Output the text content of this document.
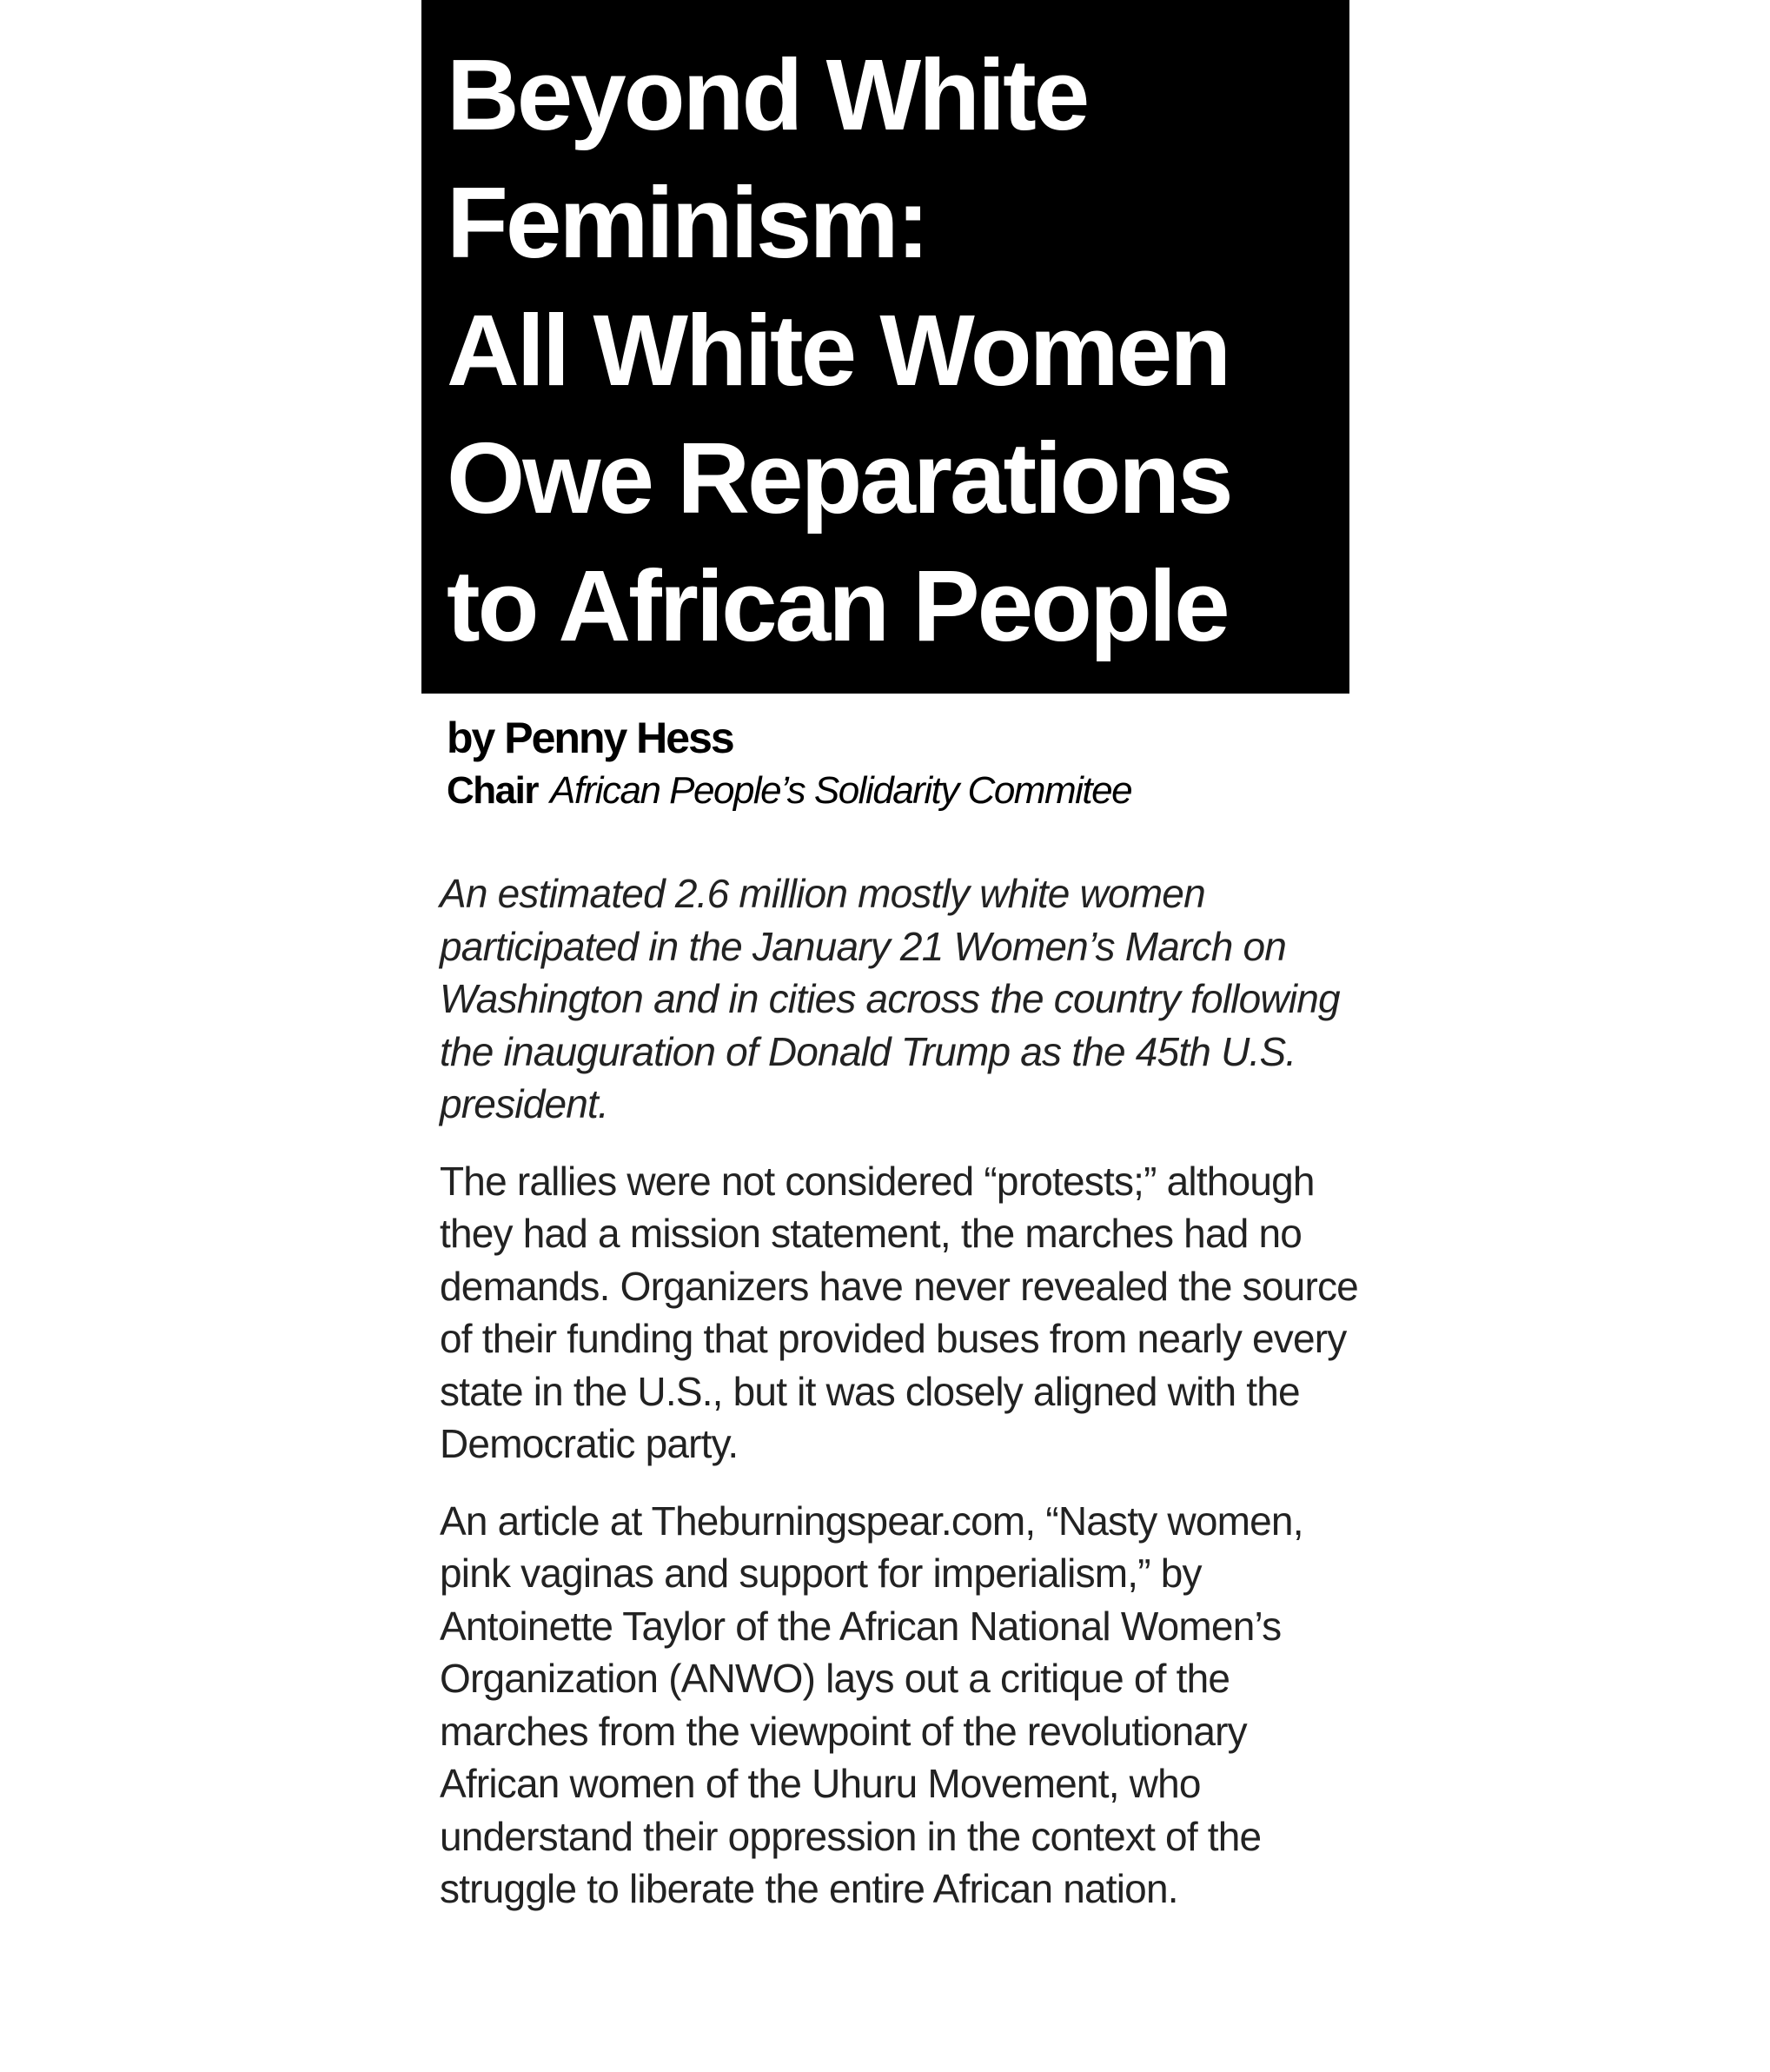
Beyond White
Feminism:
All White Women
Owe Reparations
to African People
by Penny Hess
Chair African People’s Solidarity Commitee

An estimated 2.6 million mostly white women participated in the January 21 Women’s March on Washington and in cities across the country following the inauguration of Donald Trump as the 45th U.S. president.

The rallies were not considered “protests;” although they had a mission statement, the marches had no demands. Organizers have never revealed the source of their funding that provided buses from nearly every state in the U.S., but it was closely aligned with the Democratic party.

An article at Theburningspear.com, “Nasty women, pink vaginas and support for imperialism,” by Antoinette Taylor of the African National Women’s Organization (ANWO) lays out a critique of the marches from the viewpoint of the revolutionary African women of the Uhuru Movement, who understand their oppression in the context of the struggle to liberate the entire African nation.
